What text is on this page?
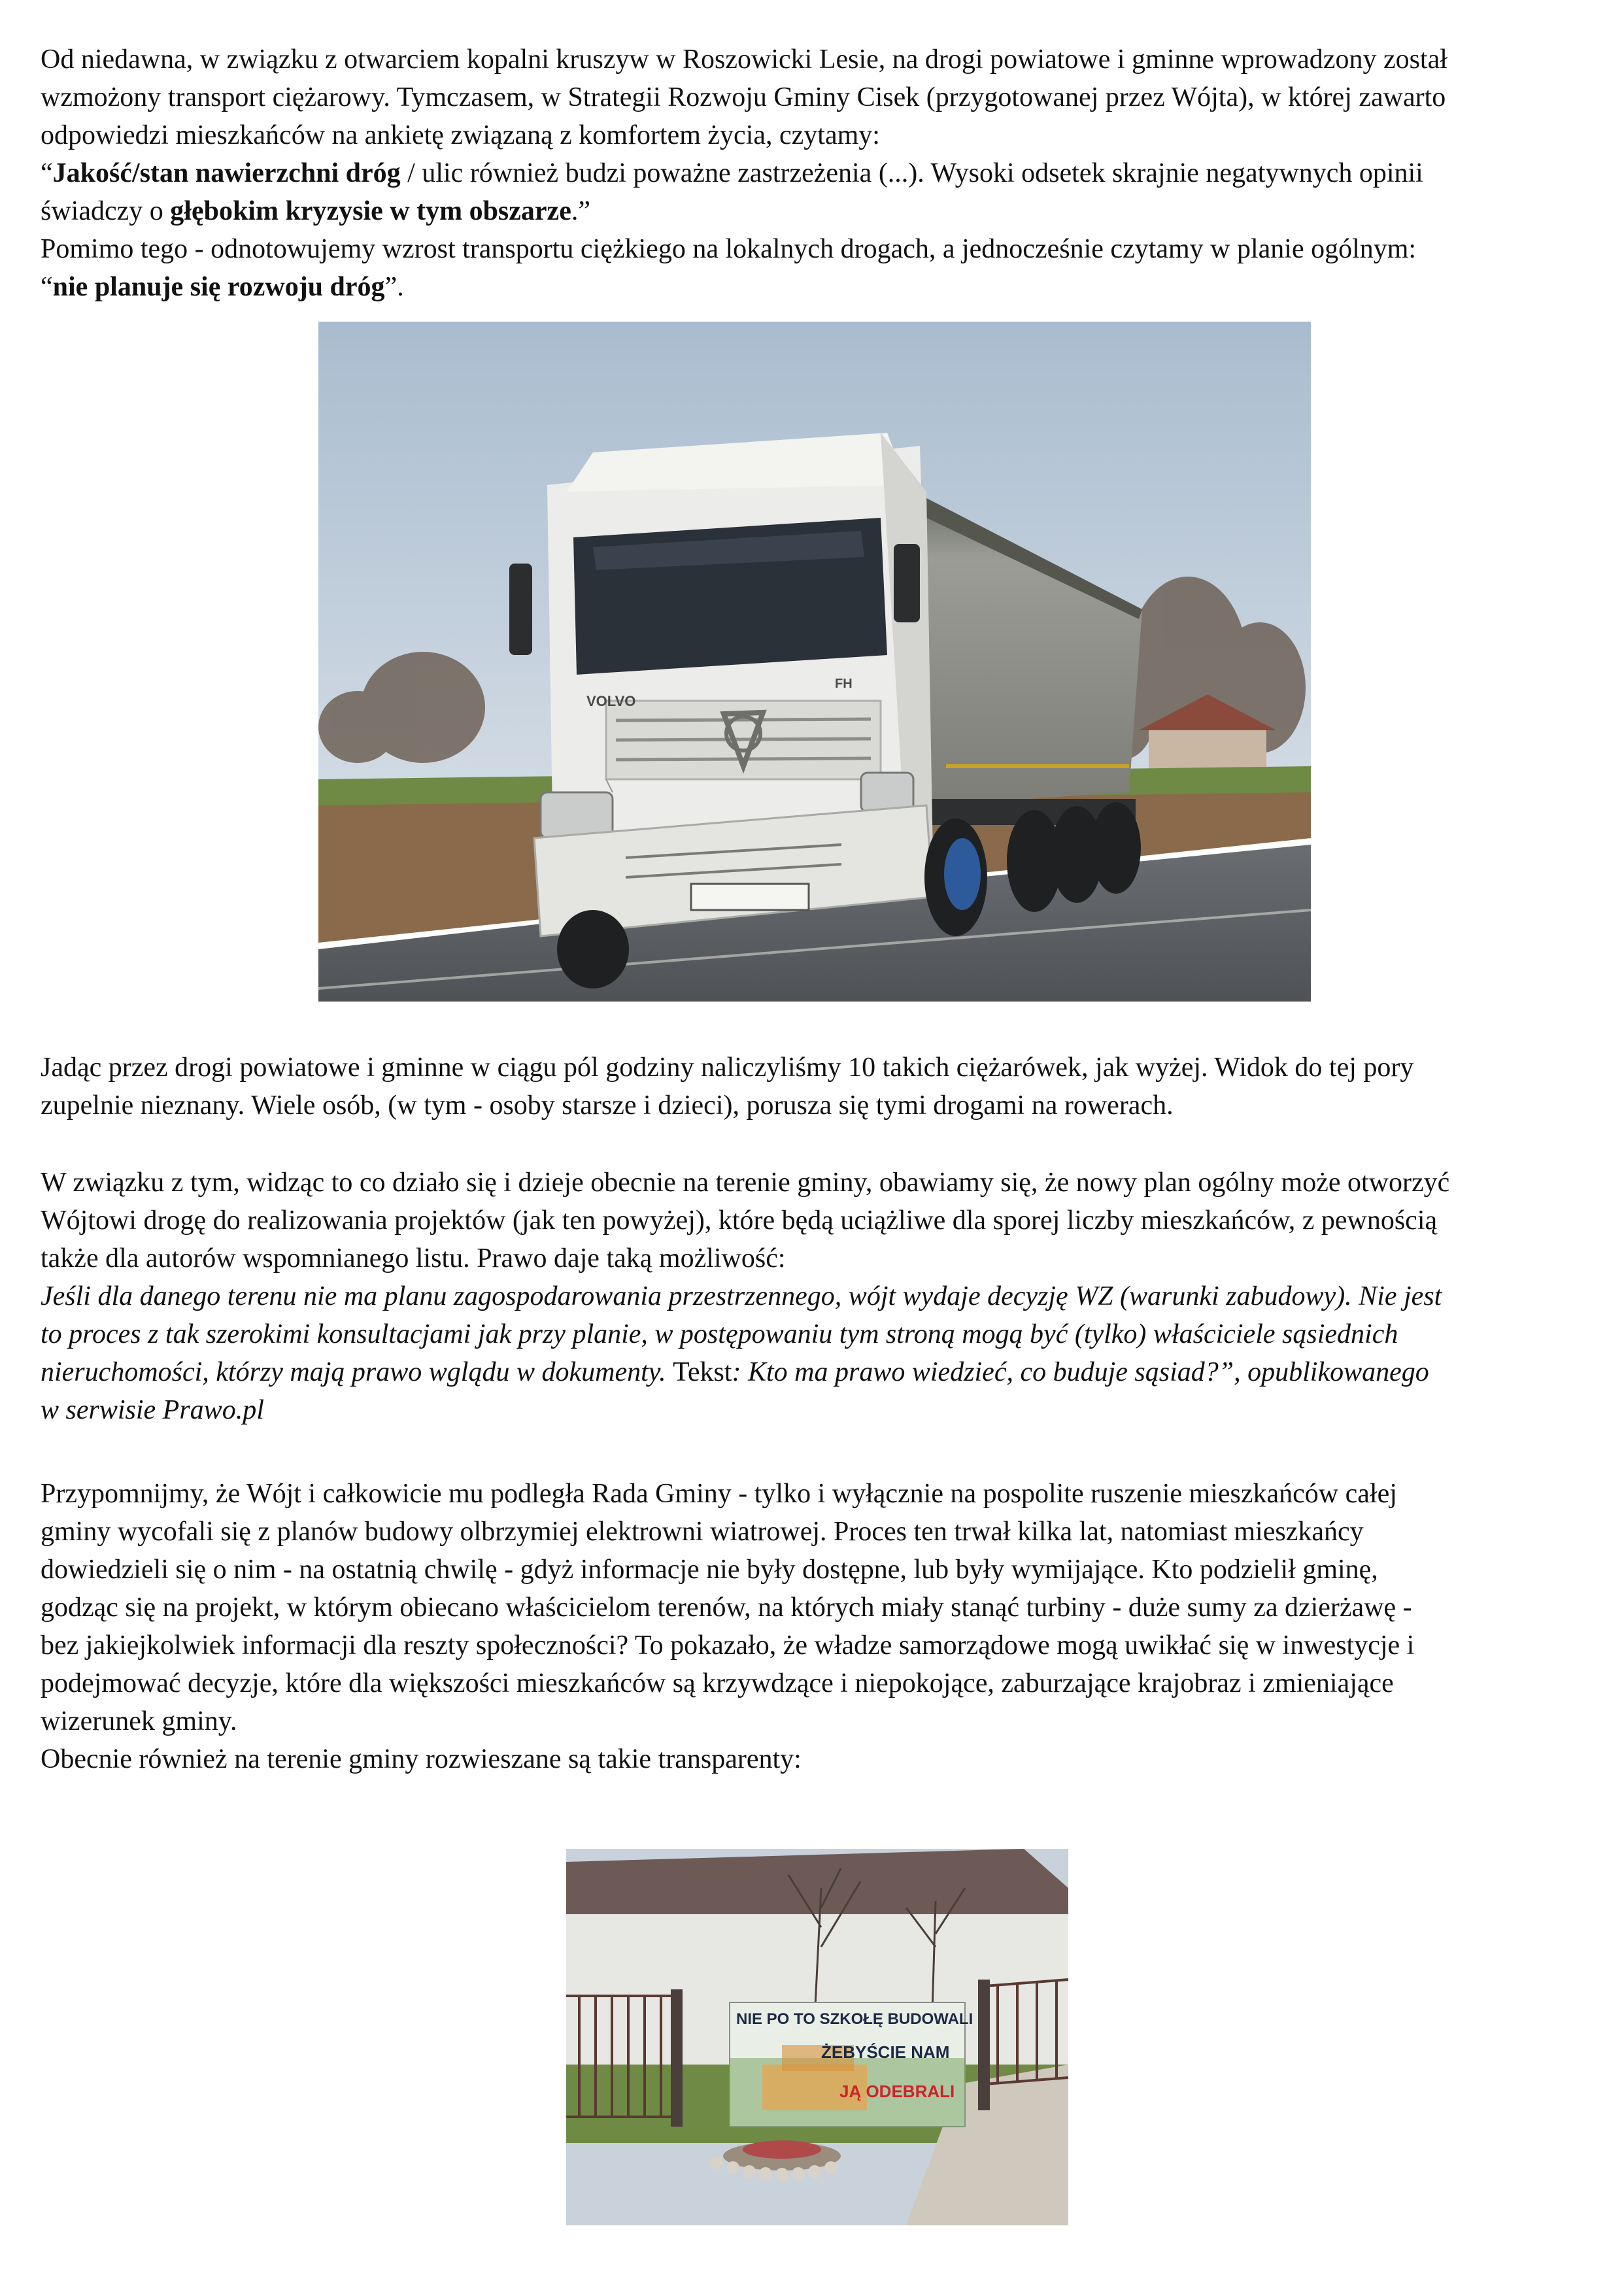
Od niedawna, w związku z otwarciem kopalni kruszyw w Roszowicki Lesie, na drogi powiatowe i gminne wprowadzony został
wzmożony transport ciężarowy. Tymczasem, w Strategii Rozwoju Gminy Cisek (przygotowanej przez Wójta), w której zawarto
odpowiedzi mieszkańców na ankietę związaną z komfortem życia, czytamy:
“Jakość/stan nawierzchni dróg / ulic również budzi poważne zastrzeżenia (...). Wysoki odsetek skrajnie negatywnych opinii
świadczy o głębokim kryzysie w tym obszarze.”
Pomimo tego - odnotowujemy wzrost transportu ciężkiego na lokalnych drogach, a jednocześnie czytamy w planie ogólnym:
“nie planuje się rozwoju dróg”.
VOLVO
FH
Jadąc przez drogi powiatowe i gminne w ciągu pól godziny naliczyliśmy 10 takich ciężarówek, jak wyżej. Widok do tej pory
zupelnie nieznany. Wiele osób, (w tym - osoby starsze i dzieci), porusza się tymi drogami na rowerach.
W związku z tym, widząc to co działo się i dzieje obecnie na terenie gminy, obawiamy się, że nowy plan ogólny może otworzyć
Wójtowi drogę do realizowania projektów (jak ten powyżej), które będą uciążliwe dla sporej liczby mieszkańców, z pewnością
także dla autorów wspomnianego listu. Prawo daje taką możliwość:
Jeśli dla danego terenu nie ma planu zagospodarowania przestrzennego, wójt wydaje decyzję WZ (warunki zabudowy). Nie jest
to proces z tak szerokimi konsultacjami jak przy planie, w postępowaniu tym stroną mogą być (tylko) właściciele sąsiednich
nieruchomości, którzy mają prawo wglądu w dokumenty. Tekst: Kto ma prawo wiedzieć, co buduje sąsiad?”, opublikowanego
w serwisie Prawo.pl
Przypomnijmy, że Wójt i całkowicie mu podległa Rada Gminy - tylko i wyłącznie na pospolite ruszenie mieszkańców całej
gminy wycofali się z planów budowy olbrzymiej elektrowni wiatrowej. Proces ten trwał kilka lat, natomiast mieszkańcy
dowiedzieli się o nim - na ostatnią chwilę - gdyż informacje nie były dostępne, lub były wymijające. Kto podzielił gminę,
godząc się na projekt, w którym obiecano właścicielom terenów, na których miały stanąć turbiny - duże sumy za dzierżawę -
bez jakiejkolwiek informacji dla reszty społeczności? To pokazało, że władze samorządowe mogą uwikłać się w inwestycje i
podejmować decyzje, które dla większości mieszkańców są krzywdzące i niepokojące, zaburzające krajobraz i zmieniające
wizerunek gminy.
Obecnie również na terenie gminy rozwieszane są takie transparenty:
NIE PO TO SZKOŁĘ BUDOWALI
ŻEBYŚCIE NAM
JĄ ODEBRALI
